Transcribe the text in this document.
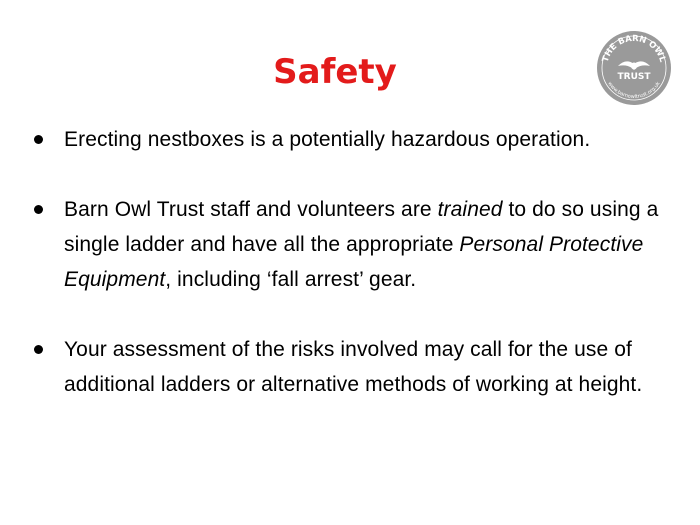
Safety	THE BARN OWL
TRUST
www.barnowltrust.org.uk
Erecting nestboxes is a potentially hazardous operation.
Barn Owl Trust staff and volunteers are trained to do so using a single ladder and have all the appropriate Personal Protective Equipment, including ‘fall arrest’ gear.
Your assessment of the risks involved may call for the use of additional ladders or alternative methods of working at height.
